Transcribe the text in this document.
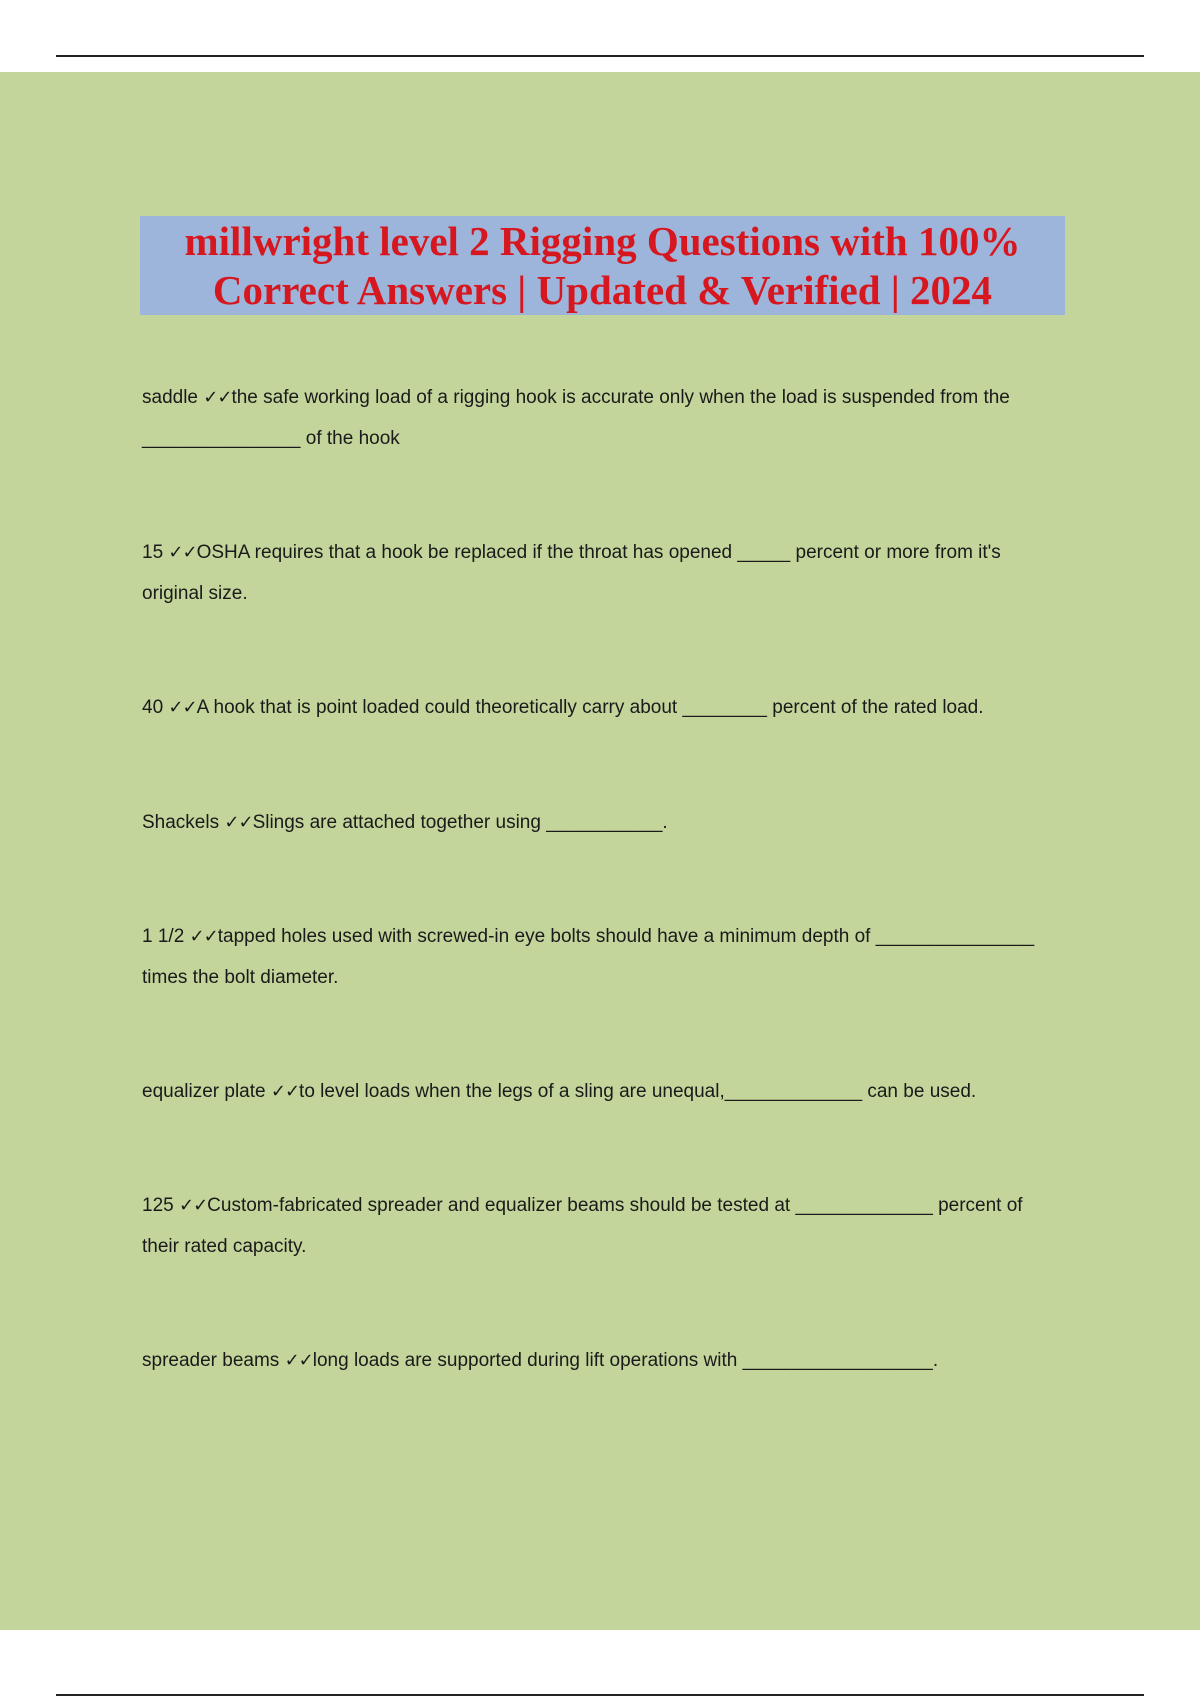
millwright level 2 Rigging Questions with 100%
Correct Answers | Updated & Verified | 2024
saddle ✓✓the safe working load of a rigging hook is accurate only when the load is suspended from the _______________ of the hook
15 ✓✓OSHA requires that a hook be replaced if the throat has opened _____ percent or more from it's original size.
40 ✓✓A hook that is point loaded could theoretically carry about ________ percent of the rated load.
Shackels ✓✓Slings are attached together using ___________.
1 1/2 ✓✓tapped holes used with screwed-in eye bolts should have a minimum depth of _______________ times the bolt diameter.
equalizer plate ✓✓to level loads when the legs of a sling are unequal,_____________ can be used.
125 ✓✓Custom-fabricated spreader and equalizer beams should be tested at _____________ percent of their rated capacity.
spreader beams ✓✓long loads are supported during lift operations with __________________.
